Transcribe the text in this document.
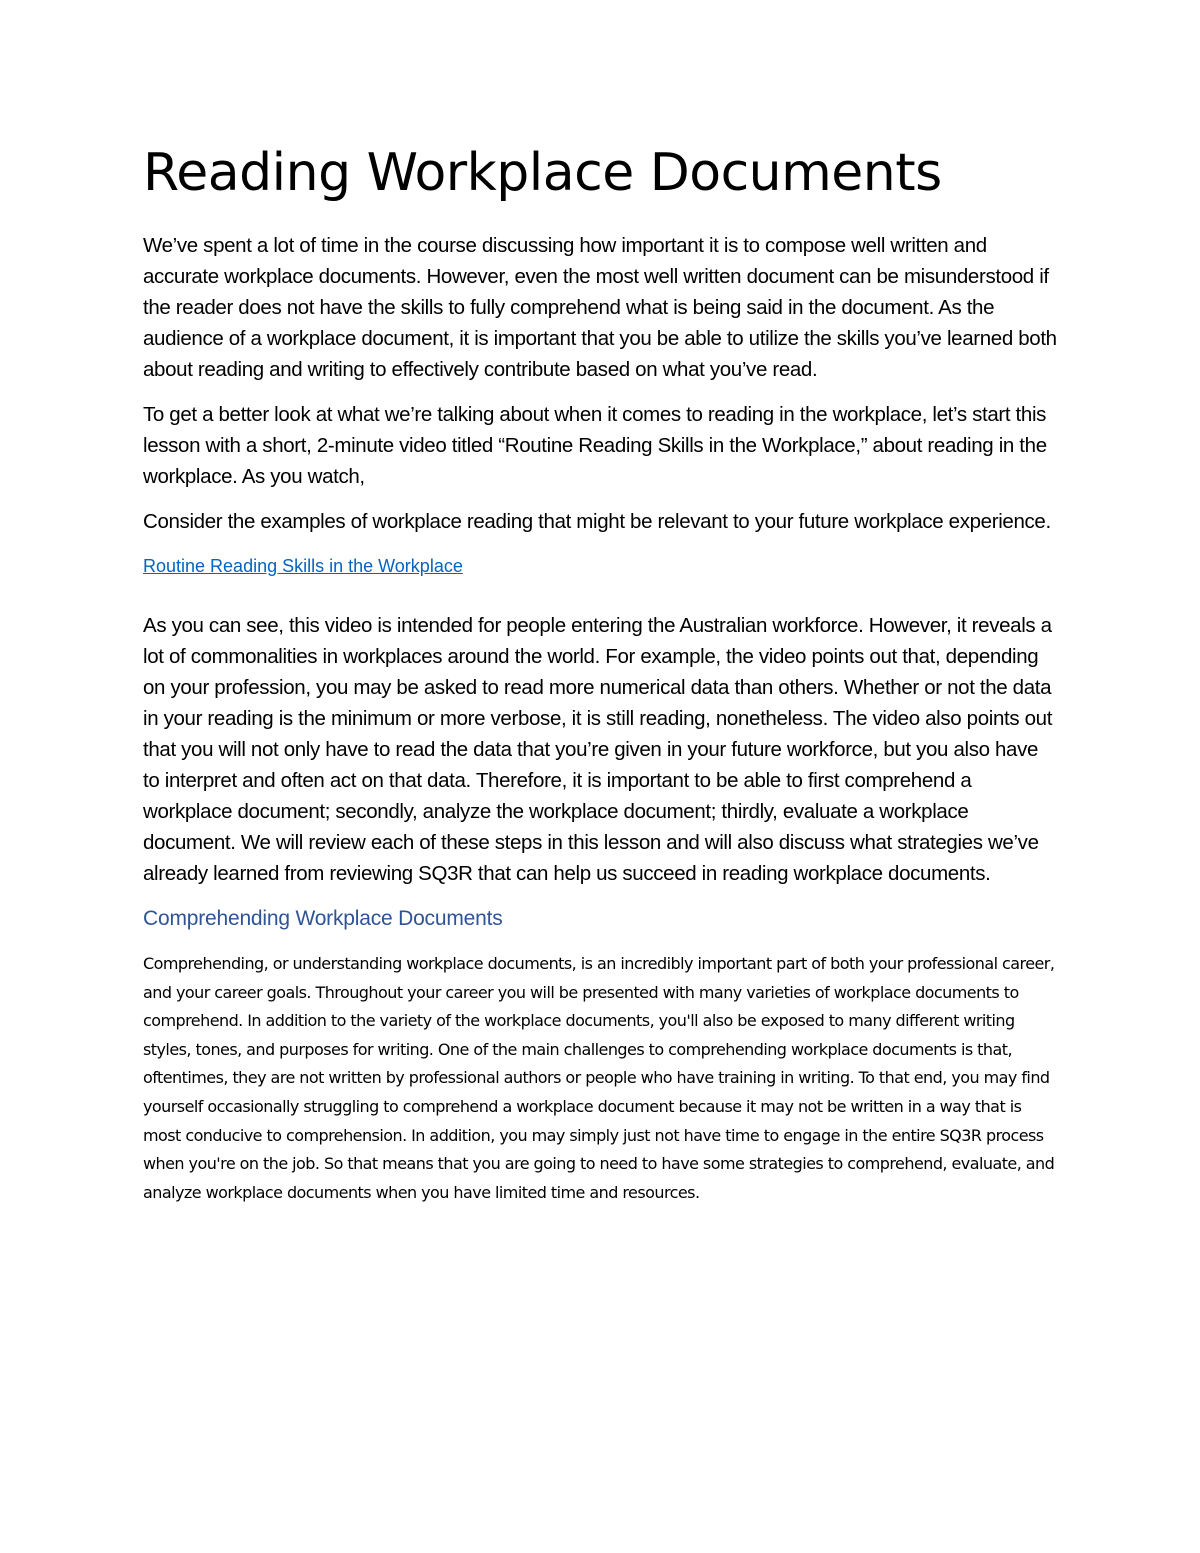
Reading Workplace Documents

We’ve spent a lot of time in the course discussing how important it is to compose well written and accurate workplace documents. However, even the most well written document can be misunderstood if the reader does not have the skills to fully comprehend what is being said in the document. As the audience of a workplace document, it is important that you be able to utilize the skills you’ve learned both about reading and writing to effectively contribute based on what you’ve read.

To get a better look at what we’re talking about when it comes to reading in the workplace, let’s start this lesson with a short, 2-minute video titled “Routine Reading Skills in the Workplace,” about reading in the workplace. As you watch,

Consider the examples of workplace reading that might be relevant to your future workplace experience.

Routine Reading Skills in the Workplace

As you can see, this video is intended for people entering the Australian workforce. However, it reveals a lot of commonalities in workplaces around the world. For example, the video points out that, depending on your profession, you may be asked to read more numerical data than others. Whether or not the data in your reading is the minimum or more verbose, it is still reading, nonetheless. The video also points out that you will not only have to read the data that you’re given in your future workforce, but you also have to interpret and often act on that data. Therefore, it is important to be able to first comprehend a workplace document; secondly, analyze the workplace document; thirdly, evaluate a workplace document. We will review each of these steps in this lesson and will also discuss what strategies we’ve already learned from reviewing SQ3R that can help us succeed in reading workplace documents.

Comprehending Workplace Documents

Comprehending, or understanding workplace documents, is an incredibly important part of both your professional career, and your career goals. Throughout your career you will be presented with many varieties of workplace documents to comprehend. In addition to the variety of the workplace documents, you'll also be exposed to many different writing styles, tones, and purposes for writing. One of the main challenges to comprehending workplace documents is that, oftentimes, they are not written by professional authors or people who have training in writing. To that end, you may find yourself occasionally struggling to comprehend a workplace document because it may not be written in a way that is most conducive to comprehension. In addition, you may simply just not have time to engage in the entire SQ3R process when you're on the job. So that means that you are going to need to have some strategies to comprehend, evaluate, and analyze workplace documents when you have limited time and resources.
